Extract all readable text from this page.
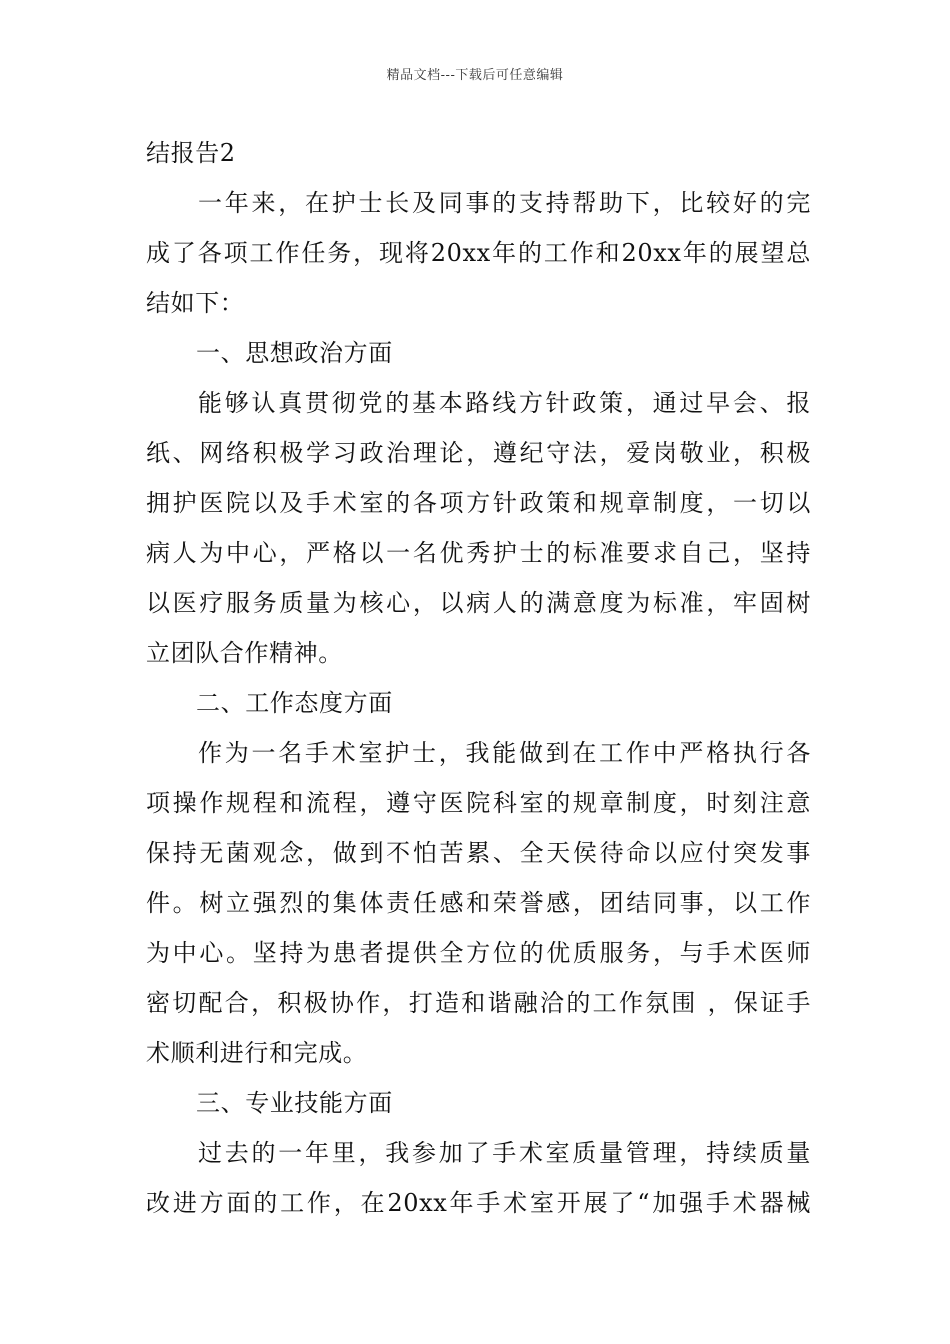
精品文档---下载后可任意编辑
结报告2
一年来，在护士长及同事的支持帮助下，比较好的完
成了各项工作任务，现将20xx年的工作和20xx年的展望总
结如下：
一、思想政治方面
能够认真贯彻党的基本路线方针政策，通过早会、报
纸、网络积极学习政治理论，遵纪守法，爱岗敬业，积极
拥护医院以及手术室的各项方针政策和规章制度，一切以
病人为中心，严格以一名优秀护士的标准要求自己，坚持
以医疗服务质量为核心，以病人的满意度为标准，牢固树
立团队合作精神。
二、工作态度方面
作为一名手术室护士，我能做到在工作中严格执行各
项操作规程和流程，遵守医院科室的规章制度，时刻注意
保持无菌观念，做到不怕苦累、全天侯待命以应付突发事
件。树立强烈的集体责任感和荣誉感，团结同事，以工作
为中心。坚持为患者提供全方位的优质服务，与手术医师
密切配合，积极协作，打造和谐融洽的工作氛围 ，保证手
术顺利进行和完成。
三、专业技能方面
过去的一年里，我参加了手术室质量管理，持续质量
改进方面的工作，在20xx年手术室开展了“加强手术器械
